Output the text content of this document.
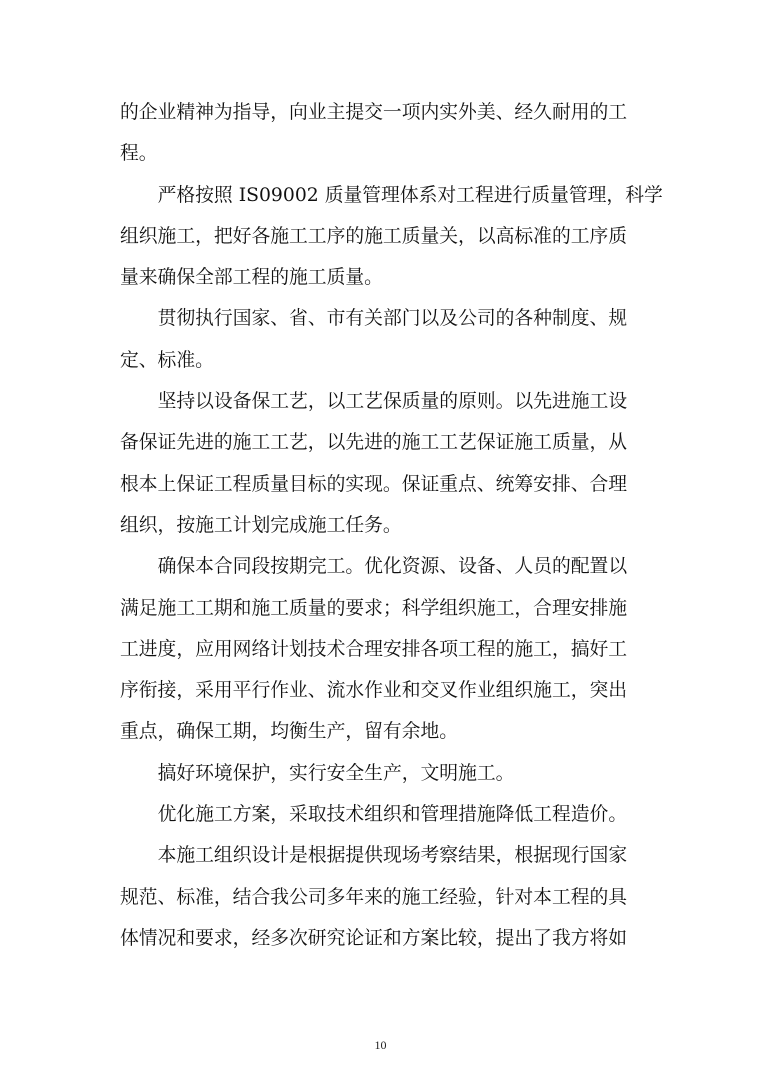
的企业精神为指导，向业主提交一项内实外美、经久耐用的工
程。
严格按照 IS09002 质量管理体系对工程进行质量管理，科学
组织施工，把好各施工工序的施工质量关，以高标准的工序质
量来确保全部工程的施工质量。
贯彻执行国家、省、市有关部门以及公司的各种制度、规
定、标准。
坚持以设备保工艺，以工艺保质量的原则。以先进施工设
备保证先进的施工工艺，以先进的施工工艺保证施工质量，从
根本上保证工程质量目标的实现。保证重点、统筹安排、合理
组织，按施工计划完成施工任务。
确保本合同段按期完工。优化资源、设备、人员的配置以
满足施工工期和施工质量的要求；科学组织施工，合理安排施
工进度，应用网络计划技术合理安排各项工程的施工，搞好工
序衔接，采用平行作业、流水作业和交叉作业组织施工，突出
重点，确保工期，均衡生产，留有余地。
搞好环境保护，实行安全生产，文明施工。
优化施工方案，采取技术组织和管理措施降低工程造价。
本施工组织设计是根据提供现场考察结果，根据现行国家
规范、标准，结合我公司多年来的施工经验，针对本工程的具
体情况和要求，经多次研究论证和方案比较，提出了我方将如
10
